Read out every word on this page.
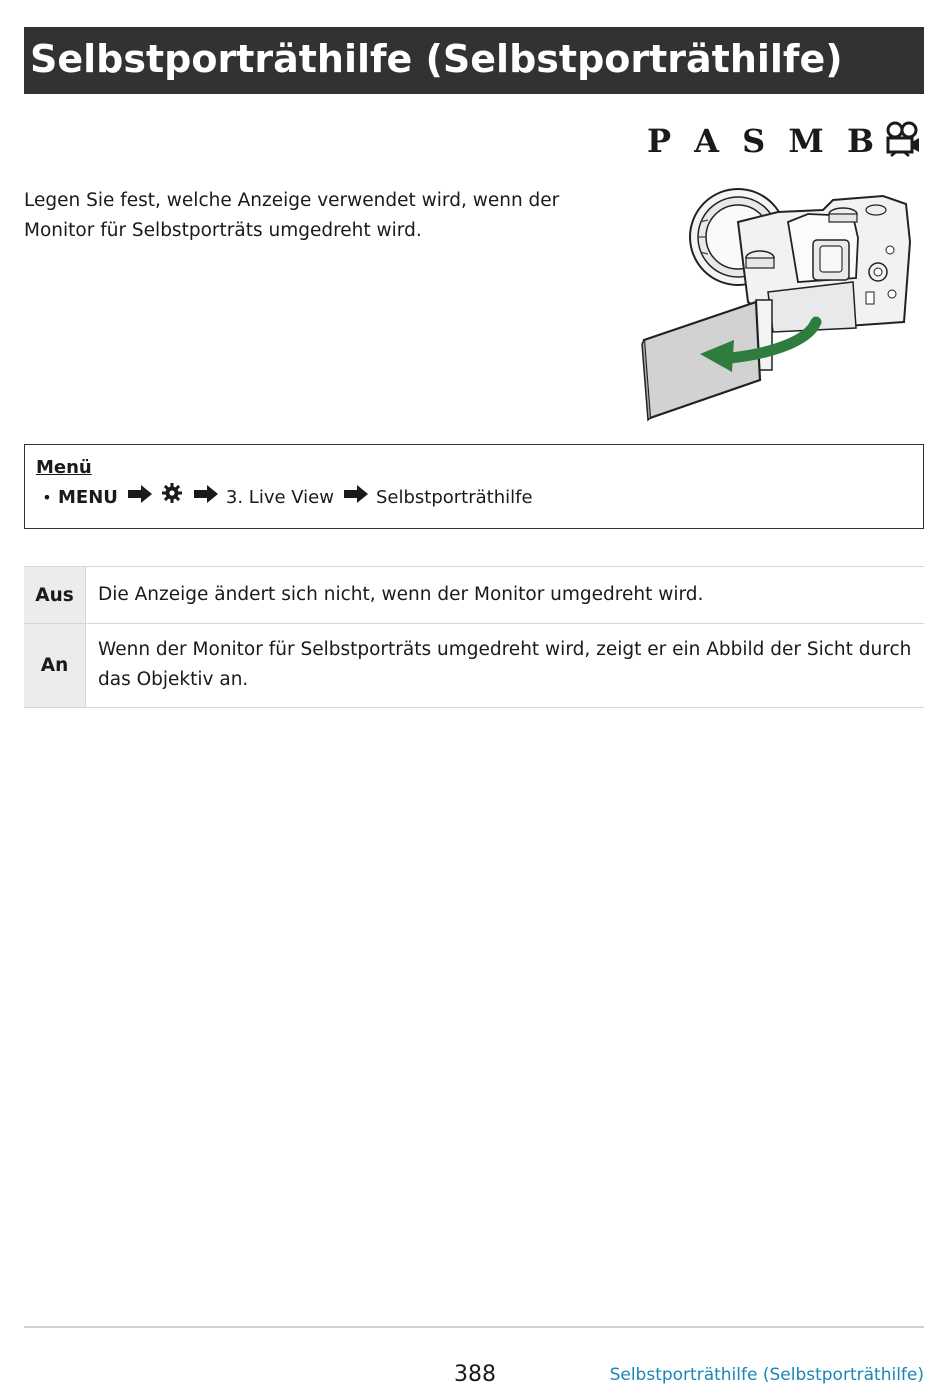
Selbstporträthilfe (Selbstporträthilfe)
P A S M B

Legen Sie fest, welche Anzeige verwendet wird, wenn der Monitor für Selbstporträts umgedreht wird.

Menü

• MENU	3. Live View Selbstporträthilfe
Aus	Die Anzeige ändert sich nicht, wenn der Monitor umgedreht wird.
An	Wenn der Monitor für Selbstporträts umgedreht wird, zeigt er ein Abbild der Sicht durch das Objektiv an.
388	Selbstporträthilfe (Selbstporträthilfe)
